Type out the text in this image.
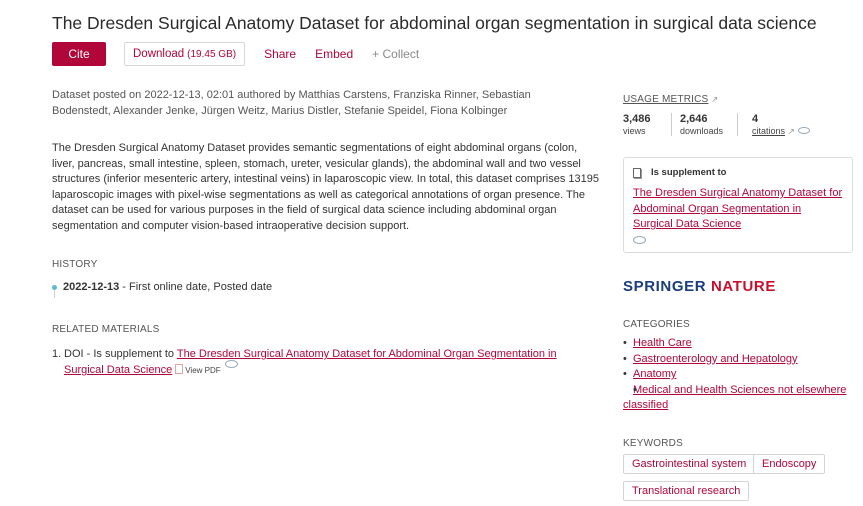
The Dresden Surgical Anatomy Dataset for abdominal organ segmentation in surgical data science
Cite	Download (19.45 GB) Share Embed + Collect

Dataset posted on 2022-12-13, 02:01 authored by Matthias Carstens, Franziska Rinner, Sebastian Bodenstedt, Alexander Jenke, Jürgen Weitz, Marius Distler, Stefanie Speidel, Fiona Kolbinger

The Dresden Surgical Anatomy Dataset provides semantic segmentations of eight abdominal organs (colon, liver, pancreas, small intestine, spleen, stomach, ureter, vesicular glands), the abdominal wall and two vessel structures (inferior mesenteric artery, intestinal veins) in laparoscopic view. In total, this dataset comprises 13195 laparoscopic images with pixel-wise segmentations as well as categorical annotations of organ presence. The dataset can be used for various purposes in the field of surgical data science including abdominal organ segmentation and computer vision-based intraoperative decision support.

HISTORY
2022-12-13 - First online date, Posted date
RELATED MATERIALS
1. DOI - Is supplement to The Dresden Surgical Anatomy Dataset for Abdominal Organ Segmentation in Surgical Data Science View PDF
USAGE METRICS ↗
3,486
views
2,646
downloads
4
citations ↗
Is supplement to
The Dresden Surgical Anatomy Dataset for Abdominal Organ Segmentation in Surgical Data Science
SPRINGER NATURE
CATEGORIES
• Health Care
• Gastroenterology and Hepatology
• Anatomy
• Medical and Health Sciences not elsewhere classified
KEYWORDS
Gastrointestinal system	Endoscopy
Translational research
